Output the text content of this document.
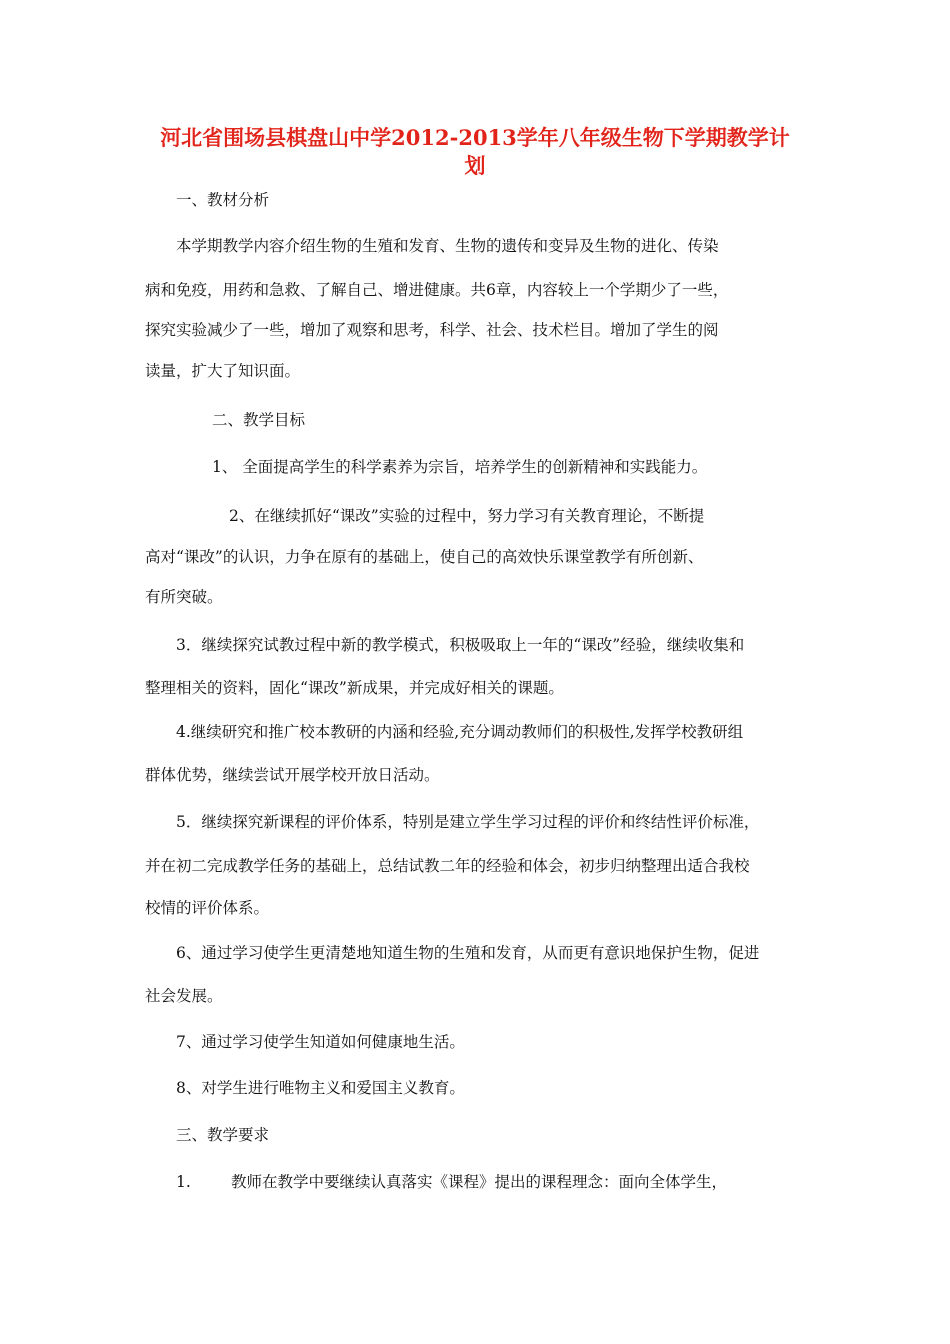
河北省围场县棋盘山中学2012-2013学年八年级生物下学期教学计
划
一、教材分析
本学期教学内容介绍生物的生殖和发育、生物的遗传和变异及生物的进化、传染
病和免疫，用药和急救、了解自己、增进健康。共6章，内容较上一个学期少了一些，
探究实验减少了一些，增加了观察和思考，科学、社会、技术栏目。增加了学生的阅
读量，扩大了知识面。
二、教学目标
1、 全面提高学生的科学素养为宗旨，培养学生的创新精神和实践能力。
2、在继续抓好“课改”实验的过程中，努力学习有关教育理论，不断提
高对“课改”的认识，力争在原有的基础上，使自己的高效快乐课堂教学有所创新、
有所突破。
3．继续探究试教过程中新的教学模式，积极吸取上一年的“课改”经验，继续收集和
整理相关的资料，固化“课改”新成果，并完成好相关的课题。
4.继续研究和推广校本教研的内涵和经验,充分调动教师们的积极性,发挥学校教研组
群体优势，继续尝试开展学校开放日活动。
5．继续探究新课程的评价体系，特别是建立学生学习过程的评价和终结性评价标准，
并在初二完成教学任务的基础上，总结试教二年的经验和体会，初步归纳整理出适合我校
校情的评价体系。
6、通过学习使学生更清楚地知道生物的生殖和发育，从而更有意识地保护生物，促进
社会发展。
7、通过学习使学生知道如何健康地生活。
8、对学生进行唯物主义和爱国主义教育。
三、教学要求
1.	教师在教学中要继续认真落实《课程》提出的课程理念：面向全体学生，
